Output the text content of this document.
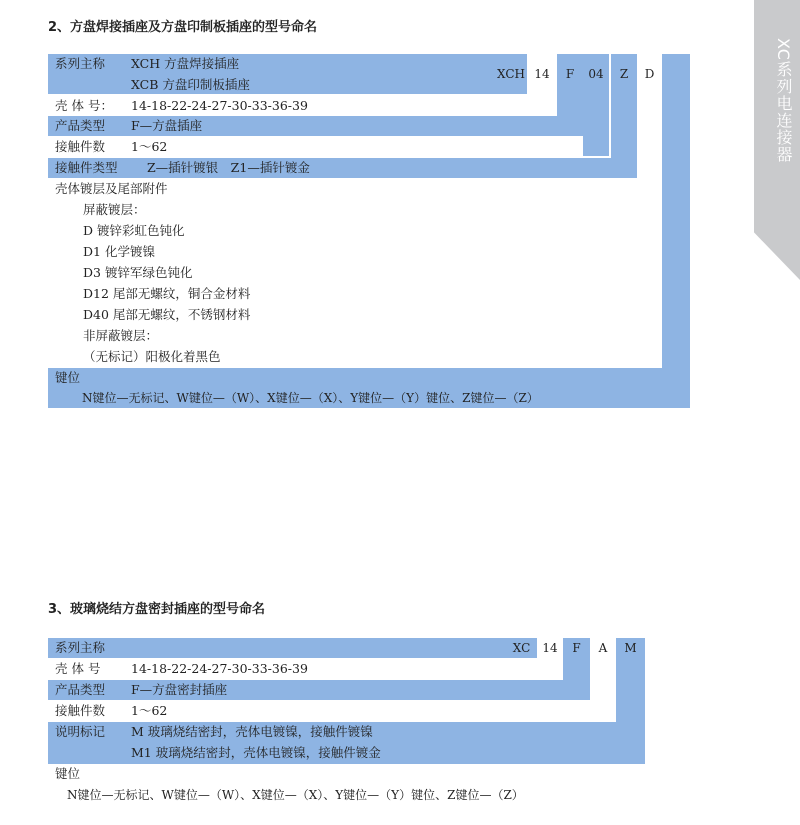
XC系列电连接器
2、方盘焊接插座及方盘印制板插座的型号命名
XCH 14	F	04	Z	D
系列主称 XCH 方盘焊接插座
XCB 方盘印制板插座
壳 体 号： 14-18-22-24-27-30-33-36-39
产品类型 F—方盘插座
接触件数 1～62
接触件类型 Z—插针镀银　Z1—插针镀金
壳体镀层及尾部附件
屏蔽镀层：
D 镀锌彩虹色钝化
D1 化学镀镍
D3 镀锌军绿色钝化
D12 尾部无螺纹，铜合金材料
D40 尾部无螺纹，不锈钢材料
非屏蔽镀层：
（无标记）阳极化着黑色
键位
N键位—无标记、W键位—（W）、X键位—（X）、Y键位—（Y）键位、Z键位—（Z）
3、玻璃烧结方盘密封插座的型号命名
XC	14	F	A	M
系列主称
壳 体 号 14-18-22-24-27-30-33-36-39
产品类型 F—方盘密封插座
接触件数 1～62
说明标记 M 玻璃烧结密封，壳体电镀镍，接触件镀镍
M1 玻璃烧结密封，壳体电镀镍，接触件镀金
键位
N键位—无标记、W键位—（W）、X键位—（X）、Y键位—（Y）键位、Z键位—（Z）
